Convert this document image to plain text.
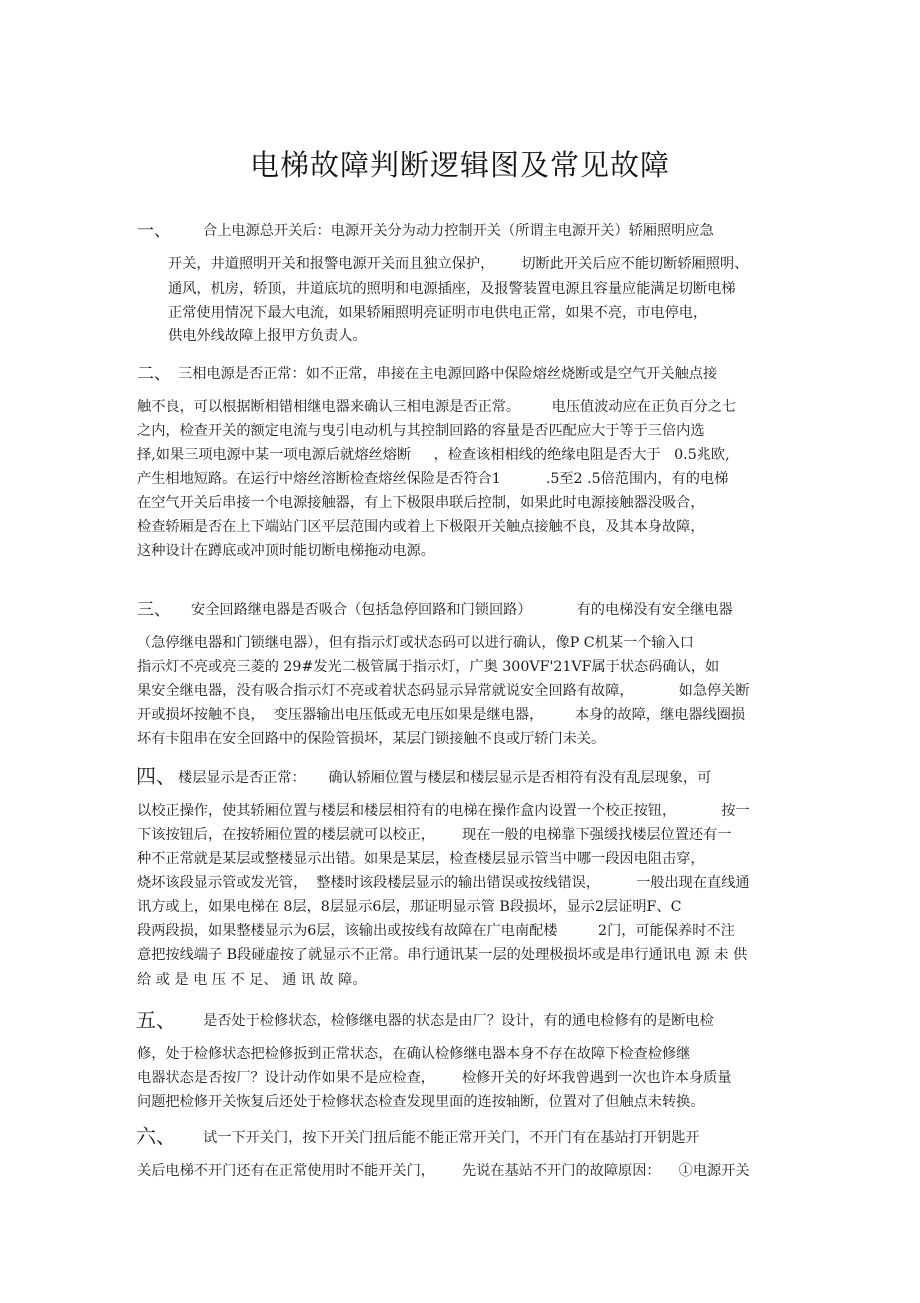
电梯故障判断逻辑图及常见故障
一、 合上电源总开关后：电源开关分为动力控制开关（所谓主电源开关）轿厢照明应急
开关，井道照明开关和报警电源开关而且独立保护，      切断此开关后应不能切断轿厢照明、
通风，机房，轿顶，井道底坑的照明和电源插座，及报警装置电源且容量应能满足切断电梯
正常使用情况下最大电流，如果轿厢照明亮证明市电供电正常，如果不亮，市电停电，
供电外线故障上报甲方负责人。
二、 三相电源是否正常：如不正常，串接在主电源回路中保险熔丝烧断或是空气开关触点接
触不良，可以根据断相错相继电器来确认三相电源是否正常。       电压值波动应在正负百分之七
之内，检查开关的额定电流与曳引电动机与其控制回路的容量是否匹配应大于等于三倍内选
择,如果三项电源中某一项电源后就熔丝熔断     ，检查该相相线的绝缘电阻是否大于   0.5兆欧,
产生相地短路。在运行中熔丝溶断检查熔丝保险是否符合1          .5至2 .5倍范围内，有的电梯
在空气开关后串接一个电源接触器，有上下极限串联后控制，如果此时电源接触器没吸合，
检查轿厢是否在上下端站门区平层范围内或着上下极限开关触点接触不良，及其本身故障，
这种设计在蹲底或冲顶时能切断电梯拖动电源。
三、 安全回路继电器是否吸合（包括急停回路和门锁回路）          有的电梯没有安全继电器
（急停继电器和门锁继电器），但有指示灯或状态码可以进行确认，像P C机某一个输入口
指示灯不亮或亮三菱的 29#发光二极管属于指示灯，广奥 300VF'21VF属于状态码确认，如
果安全继电器，没有吸合指示灯不亮或着状态码显示异常就说安全回路有故障，          如急停关断
开或损坏按触不良，  变压器输出电压低或无电压如果是继电器，       本身的故障，继电器线圈损
坏有卡阻串在安全回路中的保险管损坏，某层门锁接触不良或厅轿门未关。
四、 楼层显示是否正常：     确认轿厢位置与楼层和楼层显示是否相符有没有乱层现象，可
以校正操作，使其轿厢位置与楼层和楼层相符有的电梯在操作盒内设置一个校正按钮，          按一
下该按钮后，在按轿厢位置的楼层就可以校正，      现在一般的电梯靠下强缓找楼层位置还有一
种不正常就是某层或整楼显示出错。如果是某层，检查楼层显示管当中哪一段因电阻击穿，
烧坏该段显示管或发光管，  整楼时该段楼层显示的输出错误或按线错误，        一般出现在直线通
讯方或上，如果电梯在 8层，8层显示6层，那证明显示管 B段损坏，显示2层证明F、C
段两段损，如果整楼显示为6层，该输出或按线有故障在广电南配楼         2门，可能保养时不注
意把按线端子 B段碰虚按了就显示不正常。串行通讯某一层的处理极损坏或是串行通讯电 源 未 供
给 或 是 电 压 不 足、 通 讯 故 障。
五、 是否处于检修状态，检修继电器的状态是由厂？设计，有的通电检修有的是断电检
修，处于检修状态把检修扳到正常状态，在确认检修继电器本身不存在故障下检查检修继
电器状态是否按厂？设计动作如果不是应检查，      检修开关的好坏我曾遇到一次也许本身质量
问题把检修开关恢复后还处于检修状态检查发现里面的连按轴断，位置对了但触点未转换。
六、 试一下开关门，按下开关门扭后能不能正常开关门，不开门有在基站打开钥匙开
关后电梯不开门还有在正常使用时不能开关门，      先说在基站不开门的故障原因：    ①电源开关
